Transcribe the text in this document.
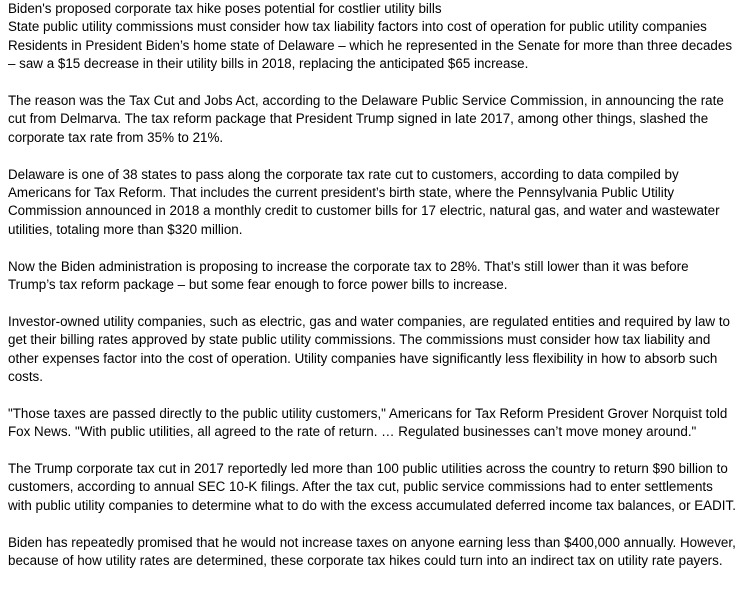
Biden's proposed corporate tax hike poses potential for costlier utility bills

State public utility commissions must consider how tax liability factors into cost of operation for public utility companies

Residents in President Biden’s home state of Delaware – which he represented in the Senate for more than three decades – saw a $15 decrease in their utility bills in 2018, replacing the anticipated $65 increase.

The reason was the Tax Cut and Jobs Act, according to the Delaware Public Service Commission, in announcing the rate cut from Delmarva. The tax reform package that President Trump signed in late 2017, among other things, slashed the corporate tax rate from 35% to 21%.

Delaware is one of 38 states to pass along the corporate tax rate cut to customers, according to data compiled by Americans for Tax Reform. That includes the current president’s birth state, where the Pennsylvania Public Utility Commission announced in 2018 a monthly credit to customer bills for 17 electric, natural gas, and water and wastewater utilities, totaling more than $320 million.

Now the Biden administration is proposing to increase the corporate tax to 28%. That’s still lower than it was before Trump’s tax reform package – but some fear enough to force power bills to increase.

Investor-owned utility companies, such as electric, gas and water companies, are regulated entities and required by law to get their billing rates approved by state public utility commissions. The commissions must consider how tax liability and other expenses factor into the cost of operation. Utility companies have significantly less flexibility in how to absorb such costs.

"Those taxes are passed directly to the public utility customers," Americans for Tax Reform President Grover Norquist told Fox News. "With public utilities, all agreed to the rate of return. … Regulated businesses can’t move money around."

The Trump corporate tax cut in 2017 reportedly led more than 100 public utilities across the country to return $90 billion to customers, according to annual SEC 10-K filings. After the tax cut, public service commissions had to enter settlements with public utility companies to determine what to do with the excess accumulated deferred income tax balances, or EADIT.

Biden has repeatedly promised that he would not increase taxes on anyone earning less than $400,000 annually. However, because of how utility rates are determined, these corporate tax hikes could turn into an indirect tax on utility rate payers.
